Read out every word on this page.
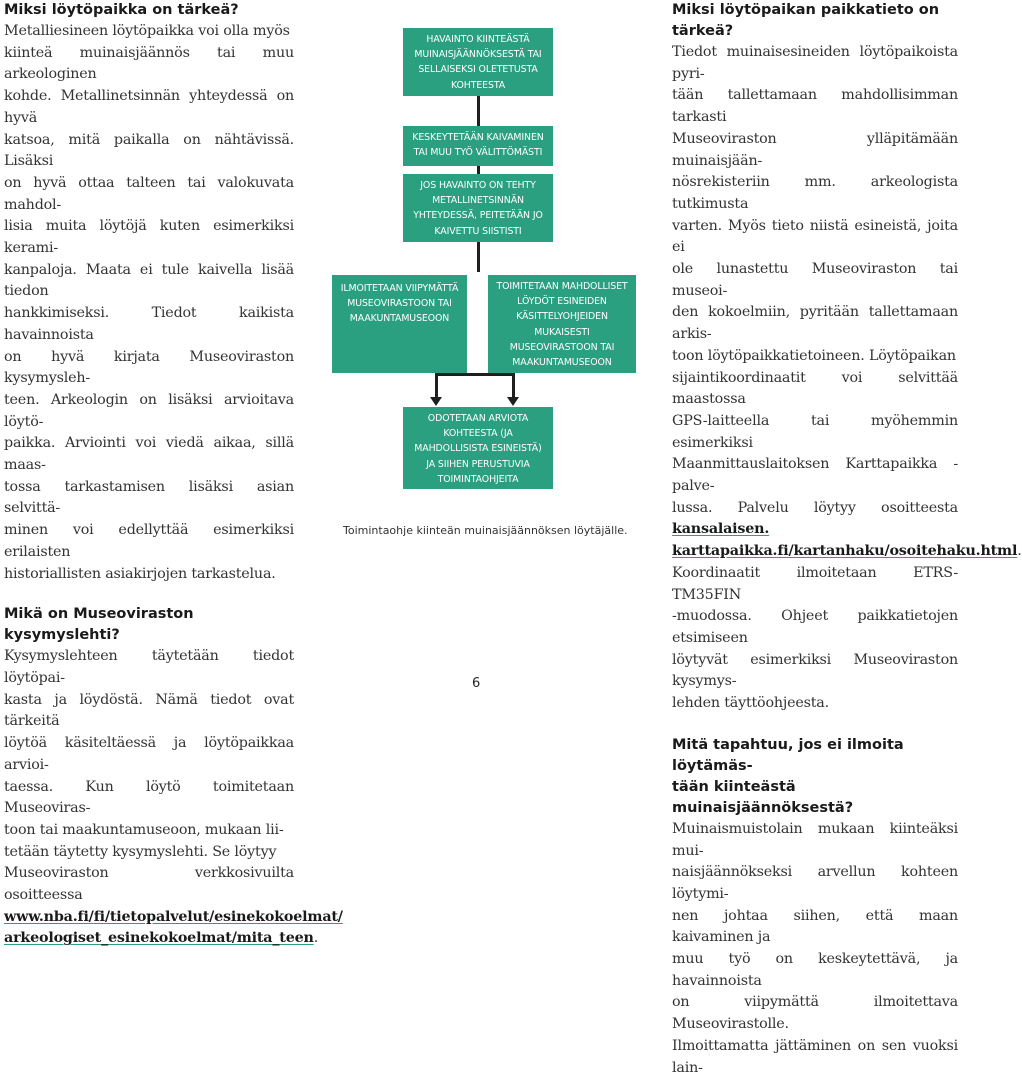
Miksi löytöpaikka on tärkeä?

Metalliesineen löytöpaikka voi olla myös
kiinteä muinaisjäännös tai muu arkeologinen
kohde. Metallinetsinnän yhteydessä on hyvä
katsoa, mitä paikalla on nähtävissä. Lisäksi
on hyvä ottaa talteen tai valokuvata mahdol-
lisia muita löytöjä kuten esimerkiksi kerami-
kanpaloja. Maata ei tule kaivella lisää tiedon
hankkimiseksi. Tiedot kaikista havainnoista
on hyvä kirjata Museoviraston kysymysleh-
teen. Arkeologin on lisäksi arvioitava löytö-
paikka. Arviointi voi viedä aikaa, sillä maas-
tossa tarkastamisen lisäksi asian selvittä-
minen voi edellyttää esimerkiksi erilaisten
historiallisten asiakirjojen tarkastelua.

Mikä on Museoviraston
kysymyslehti?

Kysymyslehteen täytetään tiedot löytöpai-
kasta ja löydöstä. Nämä tiedot ovat tärkeitä
löytöä käsiteltäessä ja löytöpaikkaa arvioi-
taessa. Kun löytö toimitetaan Museoviras-
toon tai maakuntamuseoon, mukaan lii-
tetään täytetty kysymyslehti. Se löytyy
Museoviraston verkkosivuilta osoitteessa
www.nba.fi/fi/tietopalvelut/esinekokoelmat/
arkeologiset_esinekokoelmat/mita_teen.

HAVAINTO KIINTEÄSTÄ
MUINAISJÄÄNNÖKSESTÄ TAI
SELLAISEKSI OLETETUSTA
KOHTEESTA
KESKEYTETÄÄN KAIVAMINEN
TAI MUU TYÖ VÄLITTÖMÄSTI
JOS HAVAINTO ON TEHTY
METALLINETSINNÄN
YHTEYDESSÄ, PEITETÄÄN JO
KAIVETTU SIISTISTI
ILMOITETAAN VIIPYMÄTTÄ
MUSEOVIRASTOON TAI
MAAKUNTAMUSEOON
TOIMITETAAN MAHDOLLISET
LÖYDÖT ESINEIDEN
KÄSITTELYOHJEIDEN
MUKAISESTI
MUSEOVIRASTOON TAI
MAAKUNTAMUSEOON
ODOTETAAN ARVIOTA
KOHTEESTA (JA
MAHDOLLISISTA ESINEISTÄ)
JA SIIHEN PERUSTUVIA
TOIMINTAOHJEITA
Toimintaohje kiinteän muinaisjäännöksen löytäjälle.
Miksi löytöpaikan paikkatieto on
tärkeä?

Tiedot muinaisesineiden löytöpaikoista pyri-
tään tallettamaan mahdollisimman tarkasti
Museoviraston ylläpitämään muinaisjään-
nösrekisteriin mm. arkeologista tutkimusta
varten. Myös tieto niistä esineistä, joita ei
ole lunastettu Museoviraston tai museoi-
den kokoelmiin, pyritään tallettamaan arkis-
toon löytöpaikkatietoineen. Löytöpaikan
sijaintikoordinaatit voi selvittää maastossa
GPS-laitteella tai myöhemmin esimerkiksi
Maanmittauslaitoksen Karttapaikka -palve-
lussa. Palvelu löytyy osoitteesta kansalaisen.
karttapaikka.fi/kartanhaku/osoitehaku.html.
Koordinaatit ilmoitetaan ETRS-TM35FIN
-muodossa. Ohjeet paikkatietojen etsimiseen
löytyvät esimerkiksi Museoviraston kysymys-
lehden täyttöohjeesta.

Mitä tapahtuu, jos ei ilmoita löytämäs-
tään kiinteästä muinaisjäännöksestä?

Muinaismuistolain mukaan kiinteäksi mui-
naisjäännökseksi arvellun kohteen löytymi-
nen johtaa siihen, että maan kaivaminen ja
muu työ on keskeytettävä, ja havainnoista
on viipymättä ilmoitettava Museovirastolle.
Ilmoittamatta jättäminen on sen vuoksi lain-

6
